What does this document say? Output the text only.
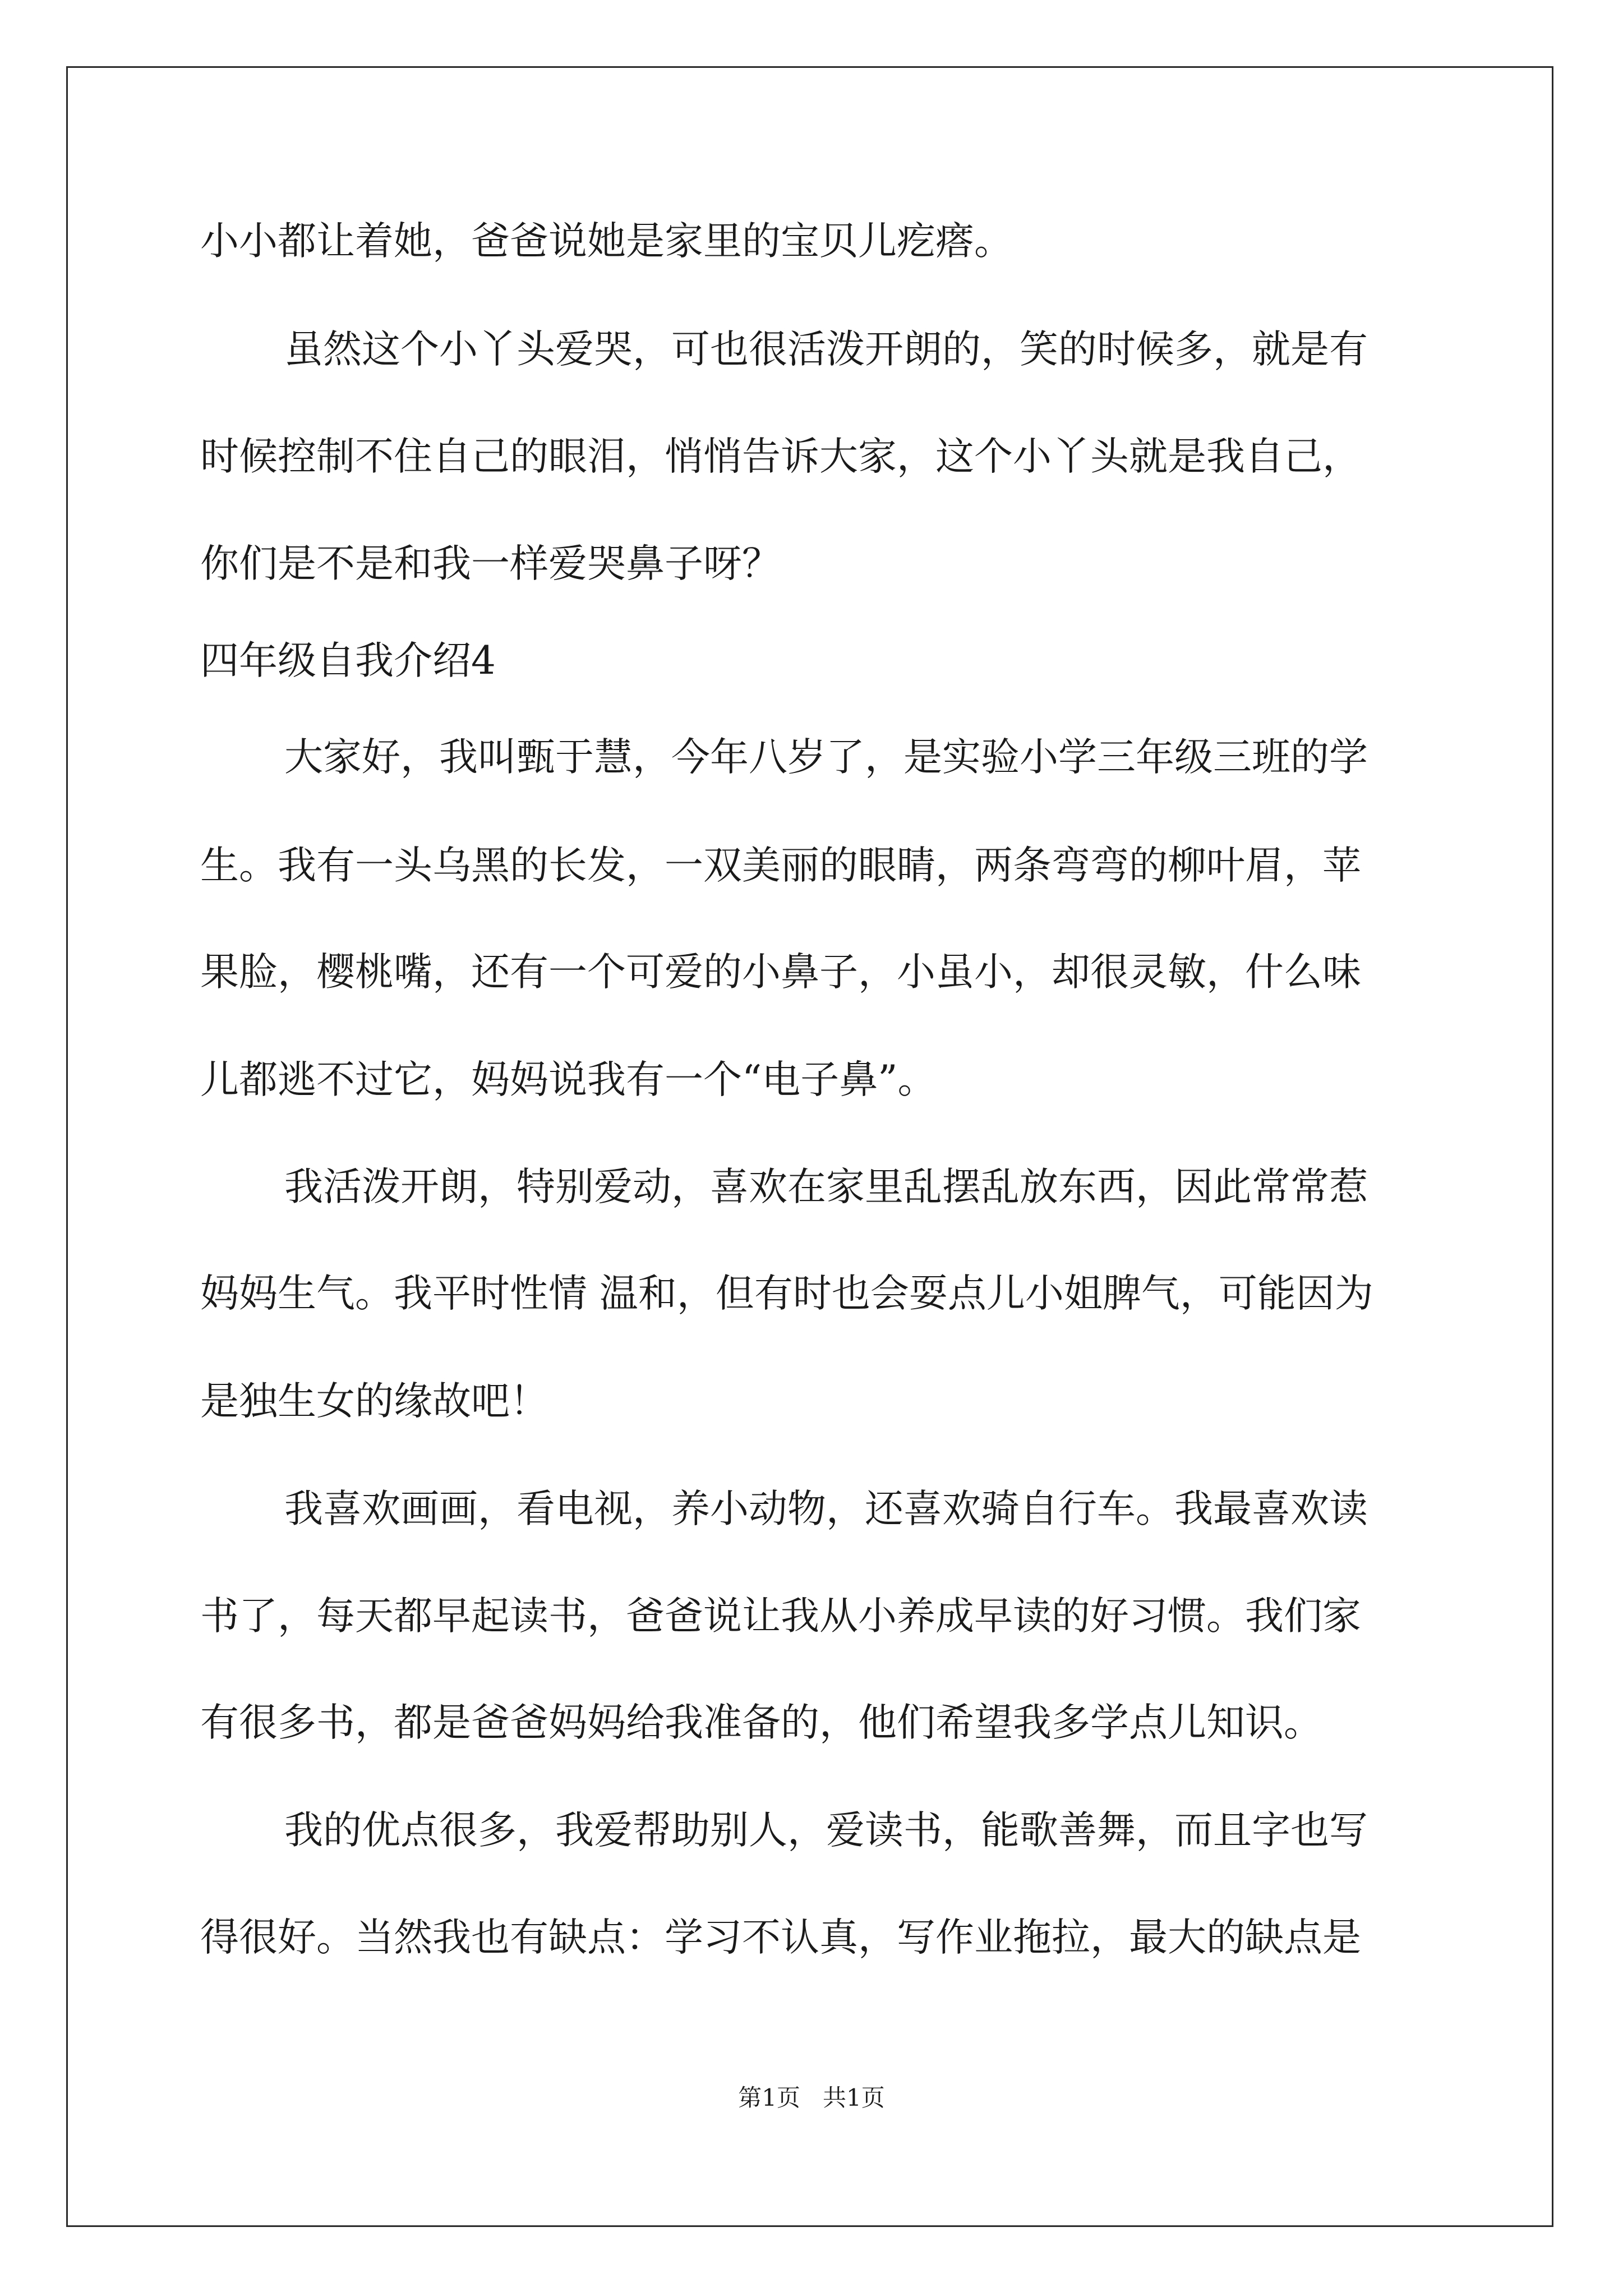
小小都让着她，爸爸说她是家里的宝贝儿疙瘩。
虽然这个小丫头爱哭，可也很活泼开朗的，笑的时候多，就是有
时候控制不住自己的眼泪，悄悄告诉大家，这个小丫头就是我自己，
你们是不是和我一样爱哭鼻子呀？
四年级自我介绍4
大家好，我叫甄于慧，今年八岁了，是实验小学三年级三班的学
生。我有一头乌黑的长发，一双美丽的眼睛，两条弯弯的柳叶眉，苹
果脸，樱桃嘴，还有一个可爱的小鼻子，小虽小，却很灵敏，什么味
儿都逃不过它，妈妈说我有一个“电子鼻”。
我活泼开朗，特别爱动，喜欢在家里乱摆乱放东西，因此常常惹
妈妈生气。我平时性情 温和，但有时也会耍点儿小姐脾气，可能因为
是独生女的缘故吧！
我喜欢画画，看电视，养小动物，还喜欢骑自行车。我最喜欢读
书了，每天都早起读书，爸爸说让我从小养成早读的好习惯。我们家
有很多书，都是爸爸妈妈给我准备的，他们希望我多学点儿知识。
我的优点很多，我爱帮助别人，爱读书，能歌善舞，而且字也写
得很好。当然我也有缺点：学习不认真，写作业拖拉，最大的缺点是
第1页   共1页
